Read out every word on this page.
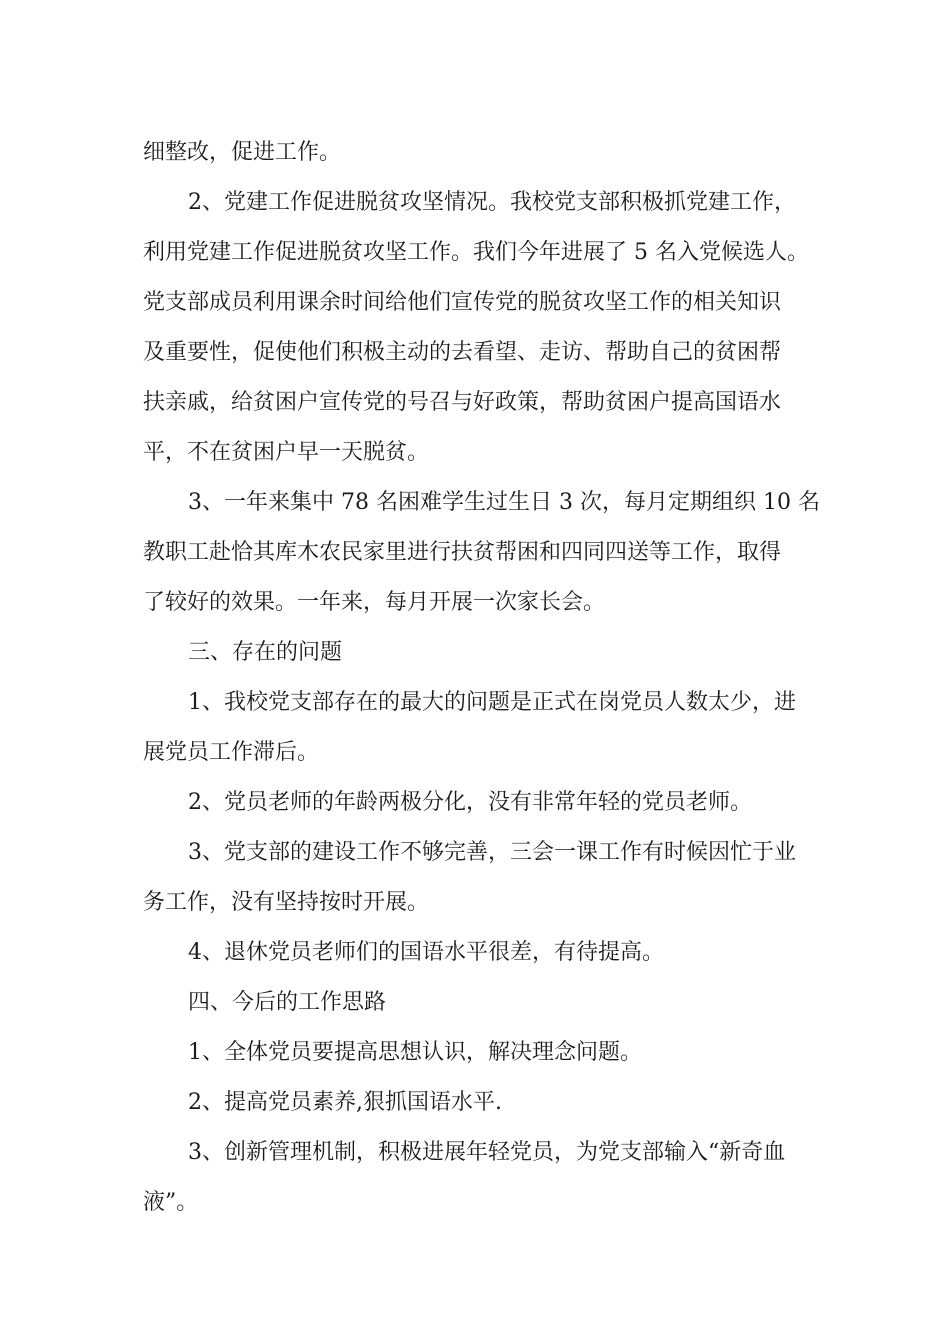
细整改，促进工作。
2、党建工作促进脱贫攻坚情况。我校党支部积极抓党建工作，
利用党建工作促进脱贫攻坚工作。我们今年进展了 5 名入党候选人。
党支部成员利用课余时间给他们宣传党的脱贫攻坚工作的相关知识
及重要性，促使他们积极主动的去看望、走访、帮助自己的贫困帮
扶亲戚，给贫困户宣传党的号召与好政策，帮助贫困户提高国语水
平，不在贫困户早一天脱贫。
3、一年来集中 78 名困难学生过生日 3 次，每月定期组织 10 名
教职工赴恰其库木农民家里进行扶贫帮困和四同四送等工作，取得
了较好的效果。一年来，每月开展一次家长会。
三、存在的问题
1、我校党支部存在的最大的问题是正式在岗党员人数太少，进
展党员工作滞后。
2、党员老师的年龄两极分化，没有非常年轻的党员老师。
3、党支部的建设工作不够完善，三会一课工作有时候因忙于业
务工作，没有坚持按时开展。
4、退休党员老师们的国语水平很差，有待提高。
四、今后的工作思路
1、全体党员要提高思想认识，解决理念问题。
2、提高党员素养,狠抓国语水平.
3、创新管理机制，积极进展年轻党员，为党支部输入“新奇血
液”。
